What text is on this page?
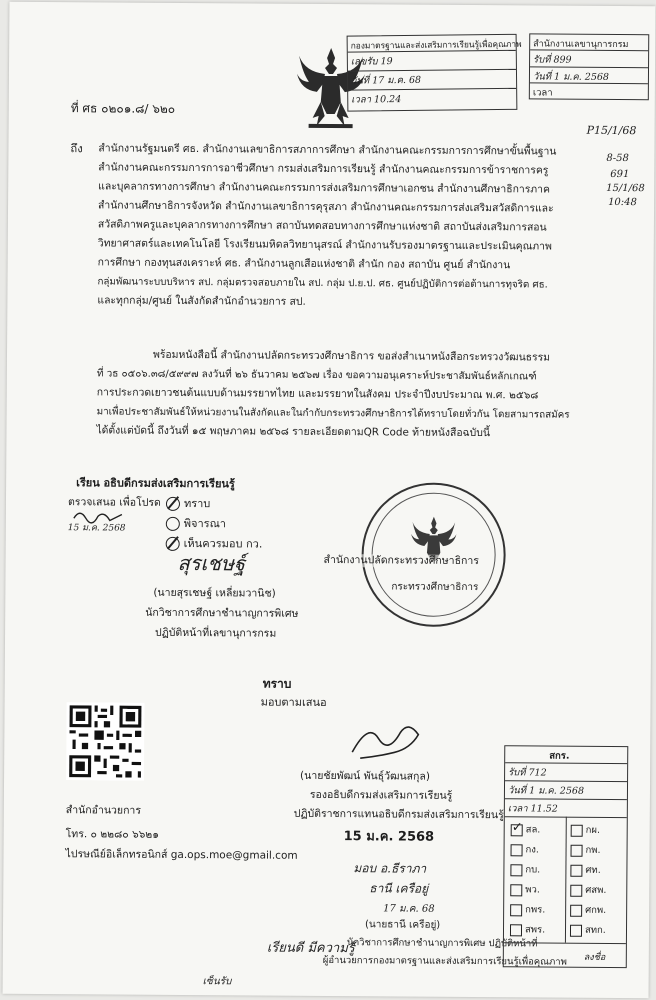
กองมาตรฐานและส่งเสริมการเรียนรู้เพื่อคุณภาพ
เลขรับ 19
วันที่ 17 ม.ค. 68
เวลา 10.24
สำนักงานเลขานุการกรม
รับที่ 899
วันที่ 1 ม.ค. 2568
เวลา
P15/1/68
8-58
691
15/1/68
10:48
ที่ ศธ ๐๒๐๑.๘/ ๖๒๐
ถึง สำนักงานรัฐมนตรี ศธ. สำนักงานเลขาธิการสภาการศึกษา สำนักงานคณะกรรมการการศึกษาขั้นพื้นฐาน
สำนักงานคณะกรรมการการอาชีวศึกษา กรมส่งเสริมการเรียนรู้ สำนักงานคณะกรรมการข้าราชการครู
และบุคลากรทางการศึกษา สำนักงานคณะกรรมการส่งเสริมการศึกษาเอกชน สำนักงานศึกษาธิการภาค
สำนักงานศึกษาธิการจังหวัด สำนักงานเลขาธิการคุรุสภา สำนักงานคณะกรรมการส่งเสริมสวัสดิการและ
สวัสดิภาพครูและบุคลากรทางการศึกษา สถาบันทดสอบทางการศึกษาแห่งชาติ สถาบันส่งเสริมการสอน
วิทยาศาสตร์และเทคโนโลยี โรงเรียนมหิดลวิทยานุสรณ์ สำนักงานรับรองมาตรฐานและประเมินคุณภาพ
การศึกษา กองทุนสงเคราะห์ ศธ. สำนักงานลูกเสือแห่งชาติ สำนัก กอง สถาบัน ศูนย์ สำนักงาน
กลุ่มพัฒนาระบบบริหาร สป. กลุ่มตรวจสอบภายใน สป. กลุ่ม ป.ย.ป. ศธ. ศูนย์ปฏิบัติการต่อต้านการทุจริต ศธ.
และทุกกลุ่ม/ศูนย์ ในสังกัดสำนักอำนวยการ สป.
พร้อมหนังสือนี้ สำนักงานปลัดกระทรวงศึกษาธิการ ขอส่งสำเนาหนังสือกระทรวงวัฒนธรรม
ที่ วธ ๐๕๐๖.๓๘/๕๙๙๗ ลงวันที่ ๒๖ ธันวาคม ๒๕๖๗ เรื่อง ขอความอนุเคราะห์ประชาสัมพันธ์หลักเกณฑ์
การประกวดเยาวชนต้นแบบด้านมรรยาทไทย และมรรยาทในสังคม ประจำปีงบประมาณ พ.ศ. ๒๕๖๘
มาเพื่อประชาสัมพันธ์ให้หน่วยงานในสังกัดและในกำกับกระทรวงศึกษาธิการได้ทราบโดยทั่วกัน โดยสามารถสมัคร
ได้ตั้งแต่บัดนี้ ถึงวันที่ ๑๕ พฤษภาคม ๒๕๖๘ รายละเอียดตามQR Code ท้ายหนังสือฉบับนี้
เรียน อธิบดีกรมส่งเสริมการเรียนรู้
ตรวจเสนอ เพื่อโปรด	ทราบ
พิจารณา
เห็นควรมอบ กว.
15 ม.ค. 2568
สุรเชษฐ์
(นายสุรเชษฐ์ เหลี่ยมวานิช)
นักวิชาการศึกษาชำนาญการพิเศษ
ปฏิบัติหน้าที่เลขานุการกรม
สำนักงานปลัดกระทรวงศึกษาธิการ
กระทรวงศึกษาธิการ
ทราบ
มอบตามเสนอ
(นายชัยพัฒน์ พันธุ์วัฒนสกุล)
รองอธิบดีกรมส่งเสริมการเรียนรู้
ปฏิบัติราชการแทนอธิบดีกรมส่งเสริมการเรียนรู้
15 ม.ค. 2568
สำนักอำนวยการ
โทร. ๐ ๒๒๘๐ ๖๖๒๑
ไปรษณีย์อิเล็กทรอนิกส์ ga.ops.moe@gmail.com
มอบ อ.ธีราภา
ธานี เครือยู่
17 ม.ค. 68
(นายธานี เครือยู่)
เรียนดี มีความรู้
นักวิชาการศึกษาชำนาญการพิเศษ ปฏิบัติหน้าที่
ผู้อำนวยการกองมาตรฐานและส่งเสริมการเรียนรู้เพื่อคุณภาพ
สกร.
รับที่ 712
วันที่ 1 ม.ค. 2568
เวลา 11.52
✓สล.	กผ.
กง.	กพ.
กบ.	ศท.
พว.	ศสพ.
กพร.	ศกพ.
สพร.	สทก.
ลงชื่อ
เซ็นรับ
